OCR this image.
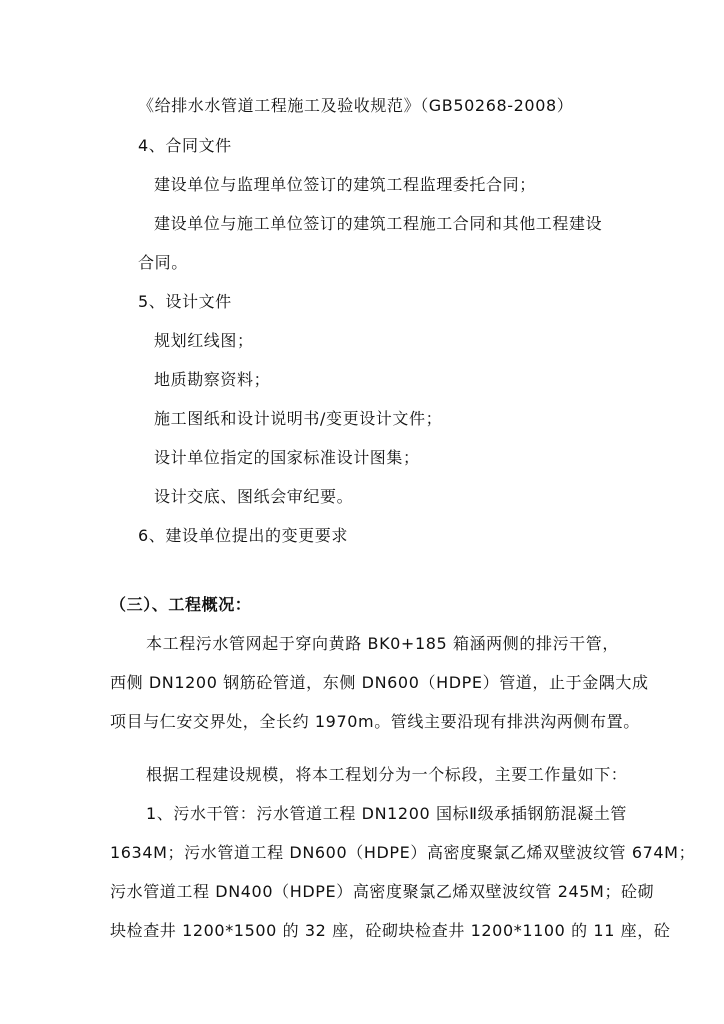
《给排水水管道工程施工及验收规范》（GB50268-2008）
4、合同文件
建设单位与监理单位签订的建筑工程监理委托合同；
建设单位与施工单位签订的建筑工程施工合同和其他工程建设
合同。
5、设计文件
规划红线图；
地质勘察资料；
施工图纸和设计说明书/变更设计文件；
设计单位指定的国家标准设计图集；
设计交底、图纸会审纪要。
6、建设单位提出的变更要求
（三）、工程概况：
本工程污水管网起于穿向黄路 BK0+185 箱涵两侧的排污干管，
西侧 DN1200 钢筋砼管道，东侧 DN600（HDPE）管道，止于金隅大成
项目与仁安交界处，全长约 1970m。管线主要沿现有排洪沟两侧布置。
根据工程建设规模，将本工程划分为一个标段，主要工作量如下：
1、污水干管：污水管道工程 DN1200 国标Ⅱ级承插钢筋混凝土管
1634M；污水管道工程 DN600（HDPE）高密度聚氯乙烯双壁波纹管 674M；
污水管道工程 DN400（HDPE）高密度聚氯乙烯双壁波纹管 245M；砼砌
块检查井 1200*1500 的 32 座，砼砌块检查井 1200*1100 的 11 座，砼
